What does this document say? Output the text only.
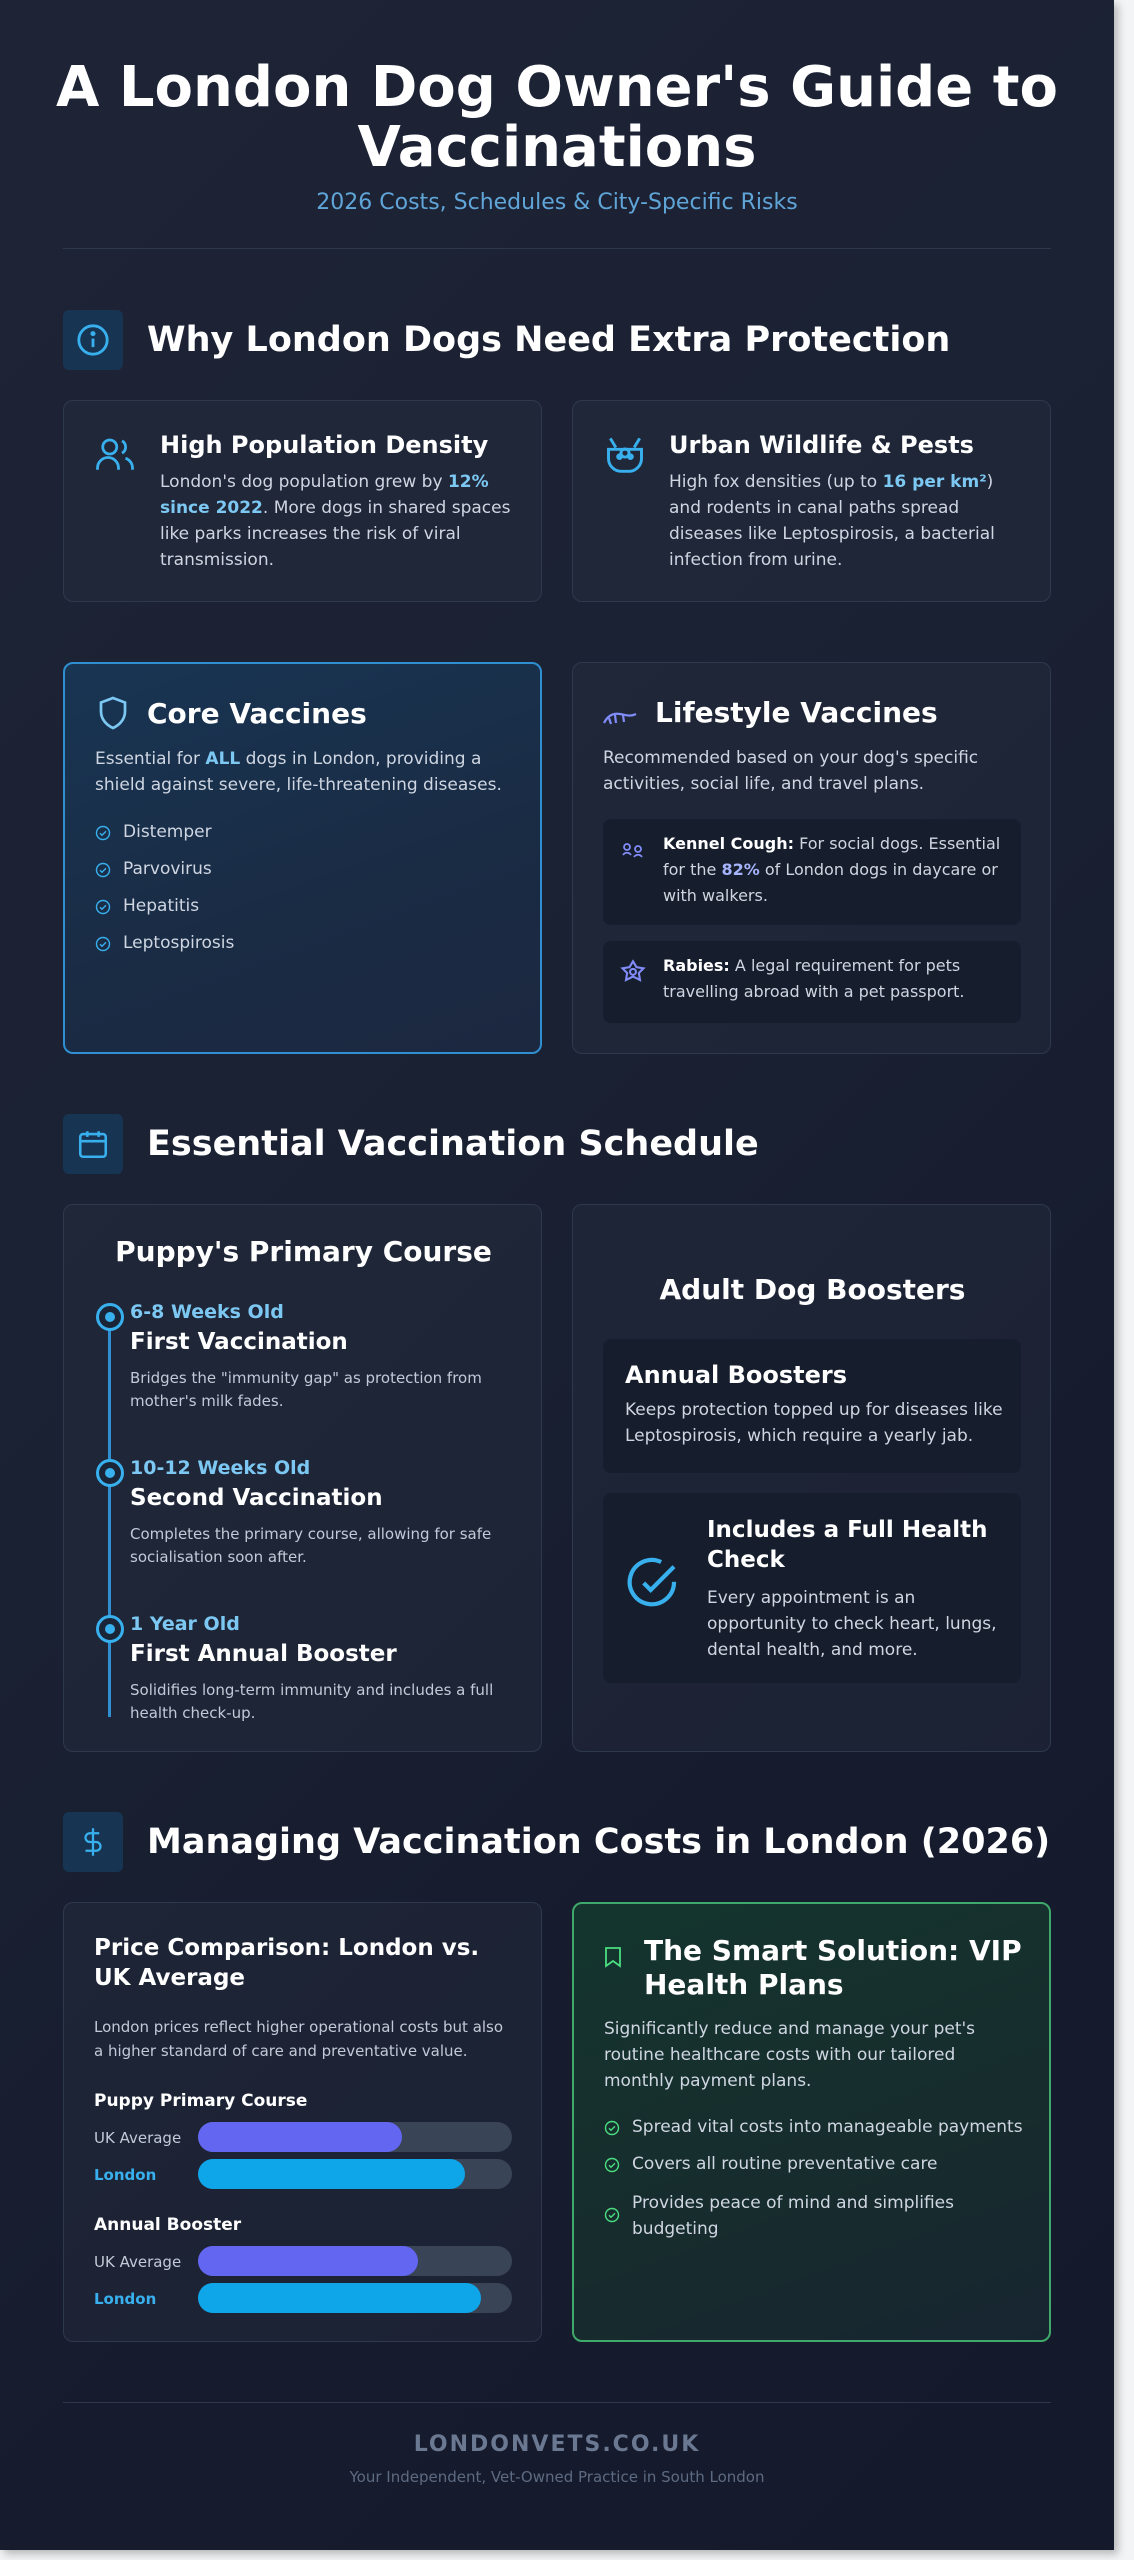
A London Dog Owner's Guide to
Vaccinations
2026 Costs, Schedules & City-Specific Risks
Why London Dogs Need Extra Protection
High Population Density
London's dog population grew by 12% since 2022. More dogs in shared spaces like parks increases the risk of viral transmission.
Urban Wildlife & Pests
High fox densities (up to 16 per km²) and rodents in canal paths spread diseases like Leptospirosis, a bacterial infection from urine.
Core Vaccines
Essential for ALL dogs in London, providing a shield against severe, life-threatening diseases.
Distemper
Parvovirus
Hepatitis
Leptospirosis
Lifestyle Vaccines
Recommended based on your dog's specific activities, social life, and travel plans.
Kennel Cough: For social dogs. Essential for the 82% of London dogs in daycare or with walkers.
Rabies: A legal requirement for pets travelling abroad with a pet passport.
Essential Vaccination Schedule
Puppy's Primary Course
6-8 Weeks Old
First Vaccination
Bridges the "immunity gap" as protection from mother's milk fades.
10-12 Weeks Old
Second Vaccination
Completes the primary course, allowing for safe socialisation soon after.
1 Year Old
First Annual Booster
Solidifies long-term immunity and includes a full health check-up.
Adult Dog Boosters
Annual Boosters
Keeps protection topped up for diseases like Leptospirosis, which require a yearly jab.
Includes a Full Health Check
Every appointment is an opportunity to check heart, lungs, dental health, and more.
Managing Vaccination Costs in London (2026)
Price Comparison: London vs. UK Average
London prices reflect higher operational costs but also a higher standard of care and preventative value.
Puppy Primary Course
UK Average
London
Annual Booster
UK Average
London
The Smart Solution: VIP Health Plans
Significantly reduce and manage your pet's routine healthcare costs with our tailored monthly payment plans.
Spread vital costs into manageable payments
Covers all routine preventative care
Provides peace of mind and simplifies budgeting
LONDONVETS.CO.UK
Your Independent, Vet-Owned Practice in South London
